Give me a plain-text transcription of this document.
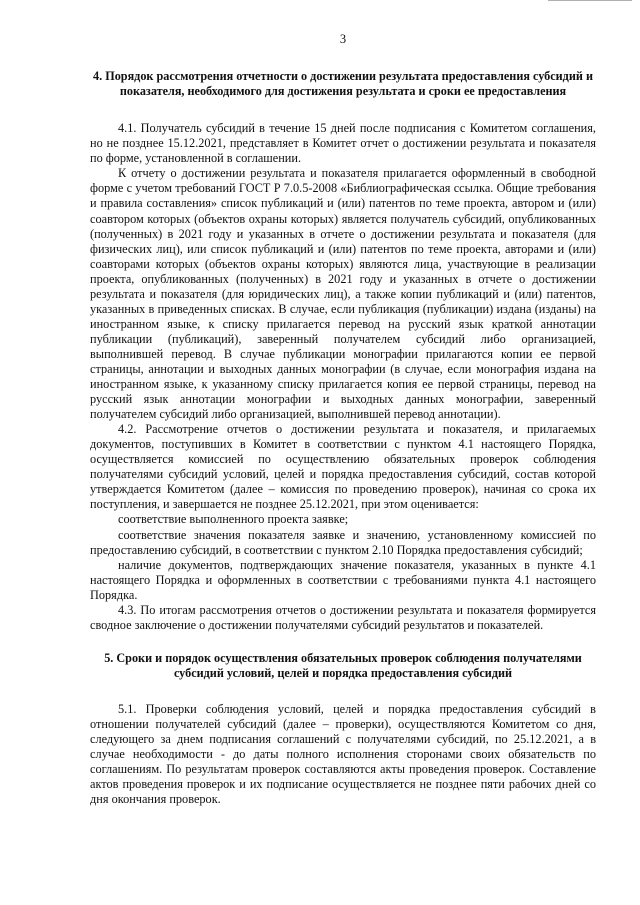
3
4. Порядок рассмотрения отчетности о достижении результата предоставления субсидий и показателя, необходимого для достижения результата и сроки ее предоставления

4.1. Получатель субсидий в течение 15 дней после подписания с Комитетом соглашения, но не позднее 15.12.2021, представляет в Комитет отчет о достижении результата и показателя по форме, установленной в соглашении.

К отчету о достижении результата и показателя прилагается оформленный в свободной форме с учетом требований ГОСТ Р 7.0.5-2008 «Библиографическая ссылка. Общие требования и правила составления» список публикаций и (или) патентов по теме проекта, автором и (или) соавтором которых (объектов охраны которых) является получатель субсидий, опубликованных (полученных) в 2021 году и указанных в отчете о достижении результата и показателя (для физических лиц), или список публикаций и (или) патентов по теме проекта, авторами и (или) соавторами которых (объектов охраны которых) являются лица, участвующие в реализации проекта, опубликованных (полученных) в 2021 году и указанных в отчете о достижении результата и показателя (для юридических лиц), а также копии публикаций и (или) патентов, указанных в приведенных списках. В случае, если публикация (публикации) издана (изданы) на иностранном языке, к списку прилагается перевод на русский язык краткой аннотации публикации (публикаций), заверенный получателем субсидий либо организацией, выполнившей перевод. В случае публикации монографии прилагаются копии ее первой страницы, аннотации и выходных данных монографии (в случае, если монография издана на иностранном языке, к указанному списку прилагается копия ее первой страницы, перевод на русский язык аннотации монографии и выходных данных монографии, заверенный получателем субсидий либо организацией, выполнившей перевод аннотации).

4.2. Рассмотрение отчетов о достижении результата и показателя, и прилагаемых документов, поступивших в Комитет в соответствии с пунктом 4.1 настоящего Порядка, осуществляется комиссией по осуществлению обязательных проверок соблюдения получателями субсидий условий, целей и порядка предоставления субсидий, состав которой утверждается Комитетом (далее – комиссия по проведению проверок), начиная со срока их поступления, и завершается не позднее 25.12.2021, при этом оценивается:

соответствие выполненного проекта заявке;

соответствие значения показателя заявке и значению, установленному комиссией по предоставлению субсидий, в соответствии с пунктом 2.10 Порядка предоставления субсидий;

наличие документов, подтверждающих значение показателя, указанных в пункте 4.1 настоящего Порядка и оформленных в соответствии с требованиями пункта 4.1 настоящего Порядка.

4.3. По итогам рассмотрения отчетов о достижении результата и показателя формируется сводное заключение о достижении получателями субсидий результатов и показателей.

5. Сроки и порядок осуществления обязательных проверок соблюдения получателями субсидий условий, целей и порядка предоставления субсидий

5.1. Проверки соблюдения условий, целей и порядка предоставления субсидий в отношении получателей субсидий (далее – проверки), осуществляются Комитетом со дня, следующего за днем подписания соглашений с получателями субсидий, по 25.12.2021, а в случае необходимости - до даты полного исполнения сторонами своих обязательств по соглашениям. По результатам проверок составляются акты проведения проверок. Составление актов проведения проверок и их подписание осуществляется не позднее пяти рабочих дней со дня окончания проверок.
